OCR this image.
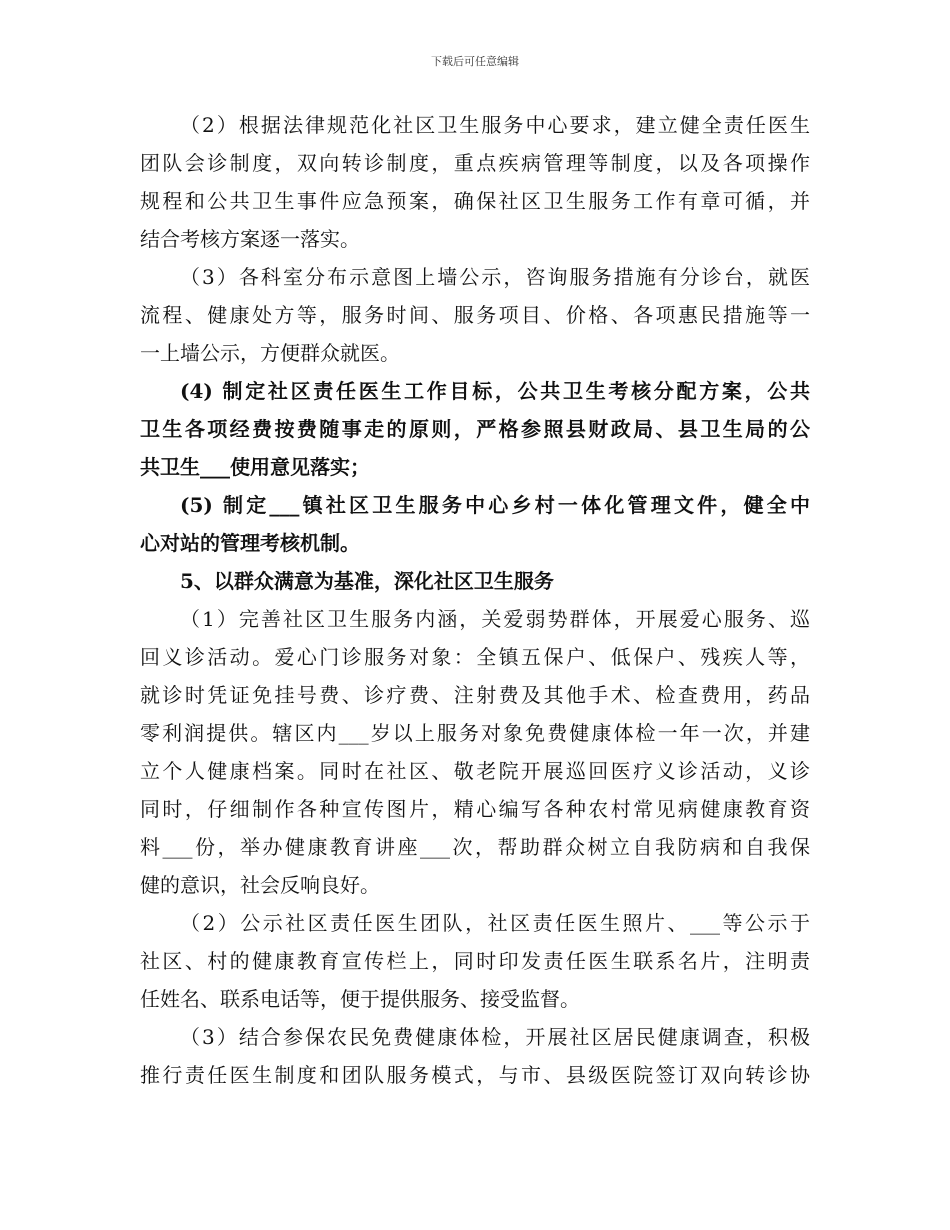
下载后可任意编辑
（2）根据法律规范化社区卫生服务中心要求，建立健全责任医生
团队会诊制度，双向转诊制度，重点疾病管理等制度，以及各项操作
规程和公共卫生事件应急预案，确保社区卫生服务工作有章可循，并
结合考核方案逐一落实。
（3）各科室分布示意图上墙公示，咨询服务措施有分诊台，就医
流程、健康处方等，服务时间、服务项目、价格、各项惠民措施等一
一上墙公示，方便群众就医。
(4) 制定社区责任医生工作目标，公共卫生考核分配方案，公共
卫生各项经费按费随事走的原则，严格参照县财政局、县卫生局的公
共卫生___使用意见落实；
(5) 制定___镇社区卫生服务中心乡村一体化管理文件，健全中
心对站的管理考核机制。
5、以群众满意为基准，深化社区卫生服务
（1）完善社区卫生服务内涵，关爱弱势群体，开展爱心服务、巡
回义诊活动。爱心门诊服务对象：全镇五保户、低保户、残疾人等，
就诊时凭证免挂号费、诊疗费、注射费及其他手术、检查费用，药品
零利润提供。辖区内___岁以上服务对象免费健康体检一年一次，并建
立个人健康档案。同时在社区、敬老院开展巡回医疗义诊活动，义诊
同时，仔细制作各种宣传图片，精心编写各种农村常见病健康教育资
料___份，举办健康教育讲座___次，帮助群众树立自我防病和自我保
健的意识，社会反响良好。
（2）公示社区责任医生团队，社区责任医生照片、___等公示于
社区、村的健康教育宣传栏上，同时印发责任医生联系名片，注明责
任姓名、联系电话等，便于提供服务、接受监督。
（3）结合参保农民免费健康体检，开展社区居民健康调查，积极
推行责任医生制度和团队服务模式，与市、县级医院签订双向转诊协
